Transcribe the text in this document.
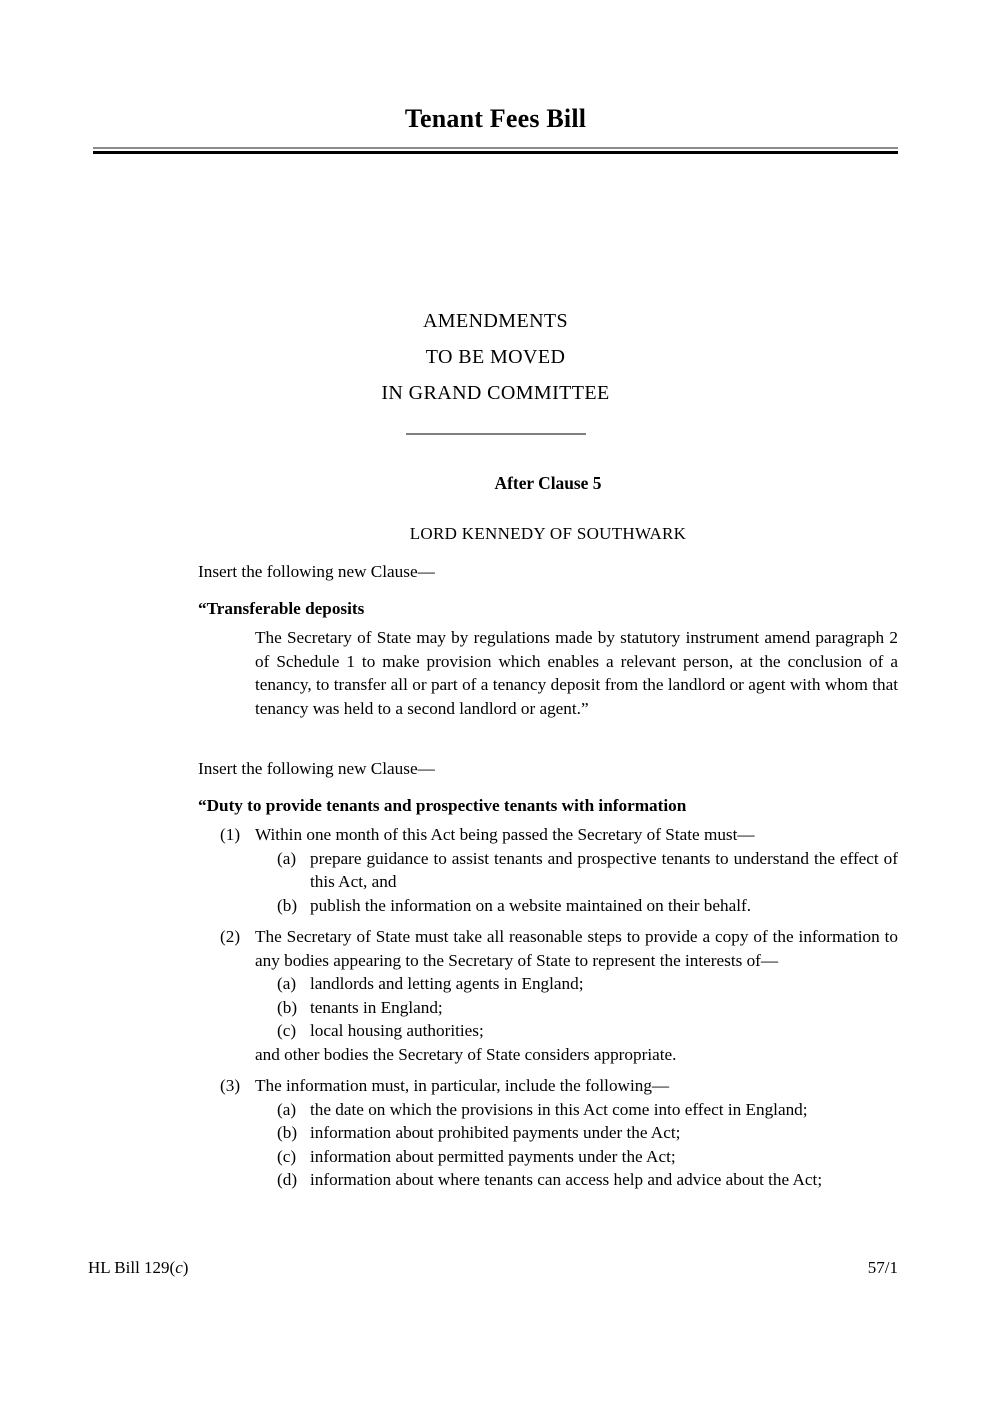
Tenant Fees Bill
AMENDMENTS
TO BE MOVED
IN GRAND COMMITTEE
After Clause 5
LORD KENNEDY OF SOUTHWARK
Insert the following new Clause—
“Transferable deposits
The Secretary of State may by regulations made by statutory instrument amend paragraph 2 of Schedule 1 to make provision which enables a relevant person, at the conclusion of a tenancy, to transfer all or part of a tenancy deposit from the landlord or agent with whom that tenancy was held to a second landlord or agent.”
Insert the following new Clause—
“Duty to provide tenants and prospective tenants with information
(1) Within one month of this Act being passed the Secretary of State must—
(a) prepare guidance to assist tenants and prospective tenants to understand the effect of this Act, and
(b) publish the information on a website maintained on their behalf.
(2) The Secretary of State must take all reasonable steps to provide a copy of the information to any bodies appearing to the Secretary of State to represent the interests of—
(a) landlords and letting agents in England;
(b) tenants in England;
(c) local housing authorities;
and other bodies the Secretary of State considers appropriate.
(3) The information must, in particular, include the following—
(a) the date on which the provisions in this Act come into effect in England;
(b) information about prohibited payments under the Act;
(c) information about permitted payments under the Act;
(d) information about where tenants can access help and advice about the Act;
HL Bill 129(c)	57/1
